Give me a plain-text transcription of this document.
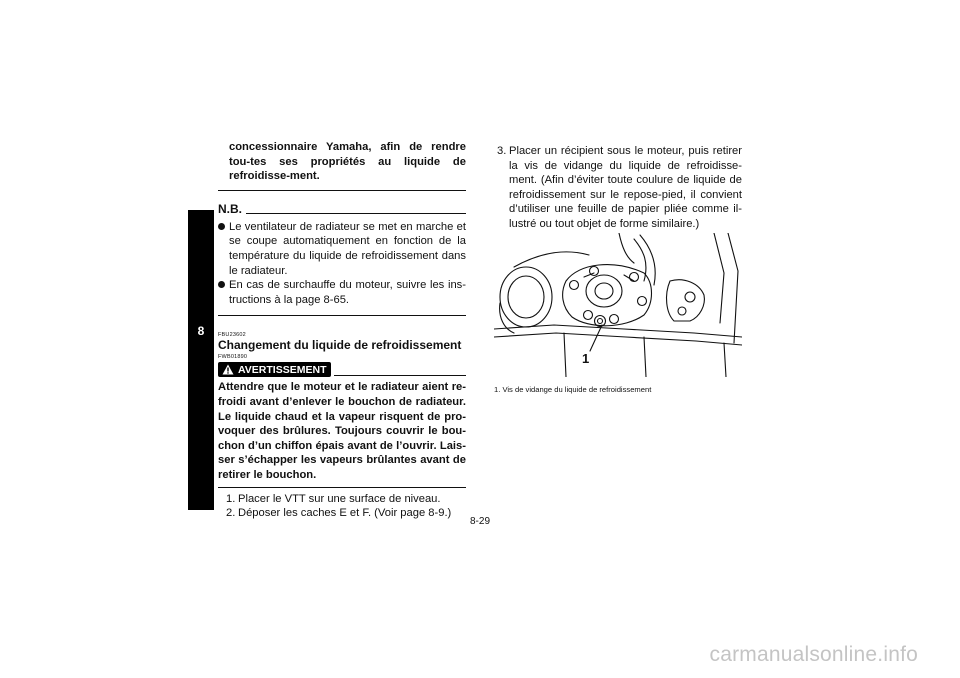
8

concessionnaire Yamaha, afin de rendre tou-tes ses propriétés au liquide de refroidisse-ment.

N.B.
Le ventilateur de radiateur se met en marche et se coupe automatiquement en fonction de la température du liquide de refroidissement dans le radiateur.
En cas de surchauffe du moteur, suivre les ins-tructions à la page 8-65.
FBU23602
Changement du liquide de refroidissement
FWB01890
AVERTISSEMENT

Attendre que le moteur et le radiateur aient re-froidi avant d’enlever le bouchon de radiateur. Le liquide chaud et la vapeur risquent de pro-voquer des brûlures. Toujours couvrir le bou-chon d’un chiffon épais avant de l’ouvrir. Lais-ser s’échapper les vapeurs brûlantes avant de retirer le bouchon.

1. Placer le VTT sur une surface de niveau.
2. Déposer les caches E et F. (Voir page 8-9.)
3. Placer un récipient sous le moteur, puis retirer la vis de vidange du liquide de refroidisse-ment. (Afin d’éviter toute coulure de liquide de refroidissement sur le repose-pied, il convient d’utiliser une feuille de papier pliée comme il-lustré ou tout objet de forme similaire.)
1
1. Vis de vidange du liquide de refroidissement
8-29
carmanualsonline.info
